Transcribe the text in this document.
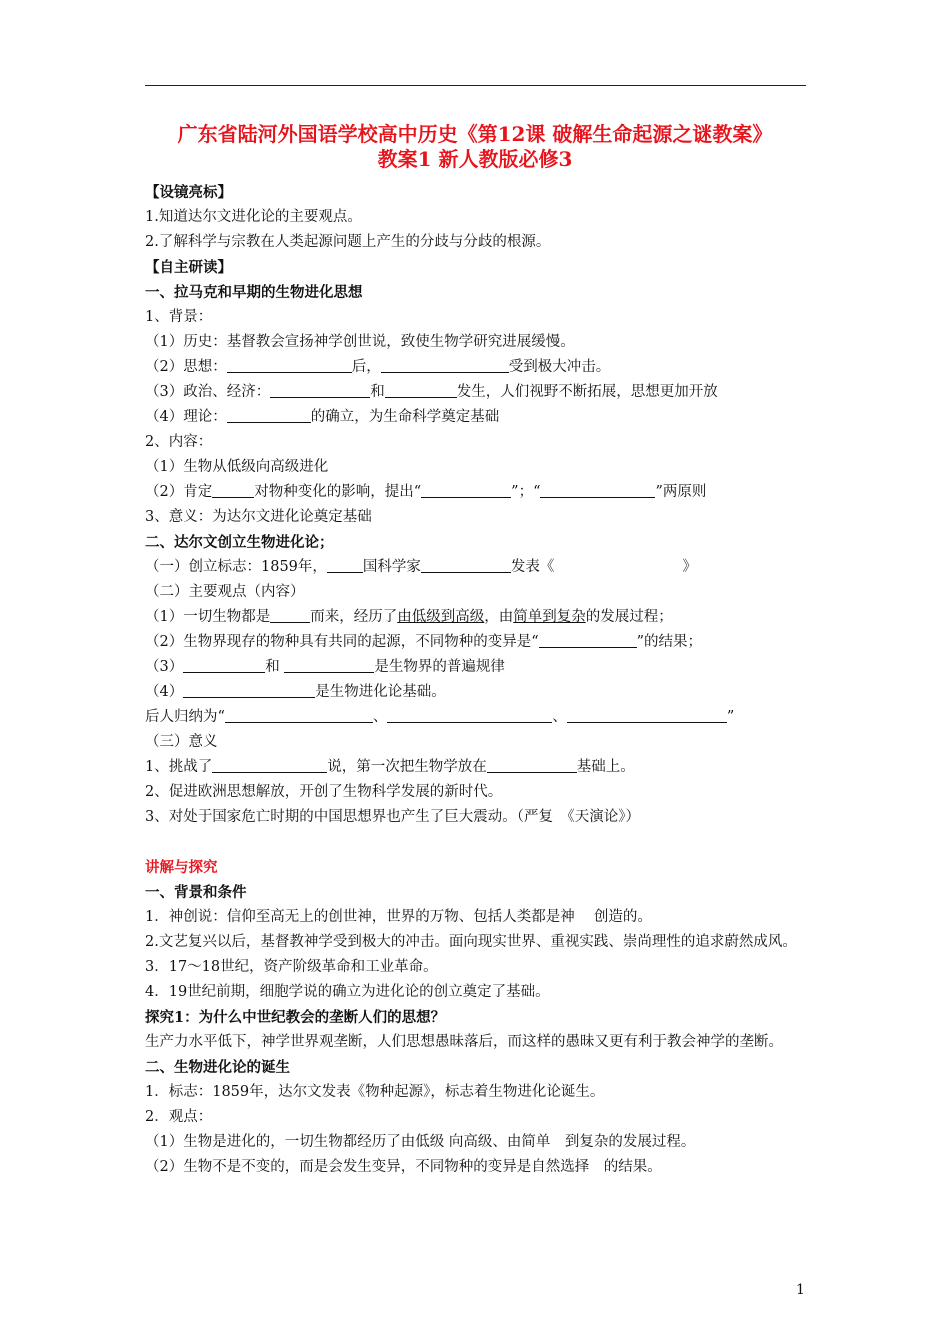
广东省陆河外国语学校高中历史《第12课 破解生命起源之谜教案》
教案1 新人教版必修3
【设镜亮标】
1.知道达尔文进化论的主要观点。
2.了解科学与宗教在人类起源问题上产生的分歧与分歧的根源。
【自主研读】
一、拉马克和早期的生物进化思想
1、背景：
（1）历史：基督教会宣扬神学创世说，致使生物学研究进展缓慢。
（2）思想：	后，	受到极大冲击。
（3）政治、经济：	和	发生，人们视野不断拓展，思想更加开放
（4）理论：	的确立，为生命科学奠定基础
2、内容：
（1）生物从低级向高级进化
（2）肯定	对物种变化的影响，提出“	”；“	”两原则
3、意义：为达尔文进化论奠定基础
二、达尔文创立生物进化论；
（一）创立标志：1859年， 国科学家	发表《	》
（二）主要观点（内容）
（1）一切生物都是	而来，经历了由低级到高级，由简单到复杂的发展过程；
（2）生物界现存的物种具有共同的起源，不同物种的变异是“	”的结果；
（3）	和	是生物界的普遍规律
（4）	是生物进化论基础。
后人归纳为“	、	、	”
（三）意义
1、挑战了	说，第一次把生物学放在	基础上。
2、促进欧洲思想解放，开创了生物科学发展的新时代。
3、对处于国家危亡时期的中国思想界也产生了巨大震动。（严复　《天演论》）
讲解与探究
一、背景和条件
1．神创说：信仰至高无上的创世神，世界的万物、包括人类都是神　 创造的。
2.文艺复兴以后，基督教神学受到极大的冲击。面向现实世界、重视实践、崇尚理性的追求蔚然成风。
3．17～18世纪，资产阶级革命和工业革命。
4．19世纪前期，细胞学说的确立为进化论的创立奠定了基础。
探究1：为什么中世纪教会的垄断人们的思想？
生产力水平低下，神学世界观垄断，人们思想愚昧落后，而这样的愚昧又更有利于教会神学的垄断。
二、生物进化论的诞生
1．标志：1859年，达尔文发表《物种起源》，标志着生物进化论诞生。
2．观点：
（1）生物是进化的，一切生物都经历了由低级 向高级、由简单　到复杂的发展过程。
（2）生物不是不变的，而是会发生变异，不同物种的变异是自然选择　的结果。
1
